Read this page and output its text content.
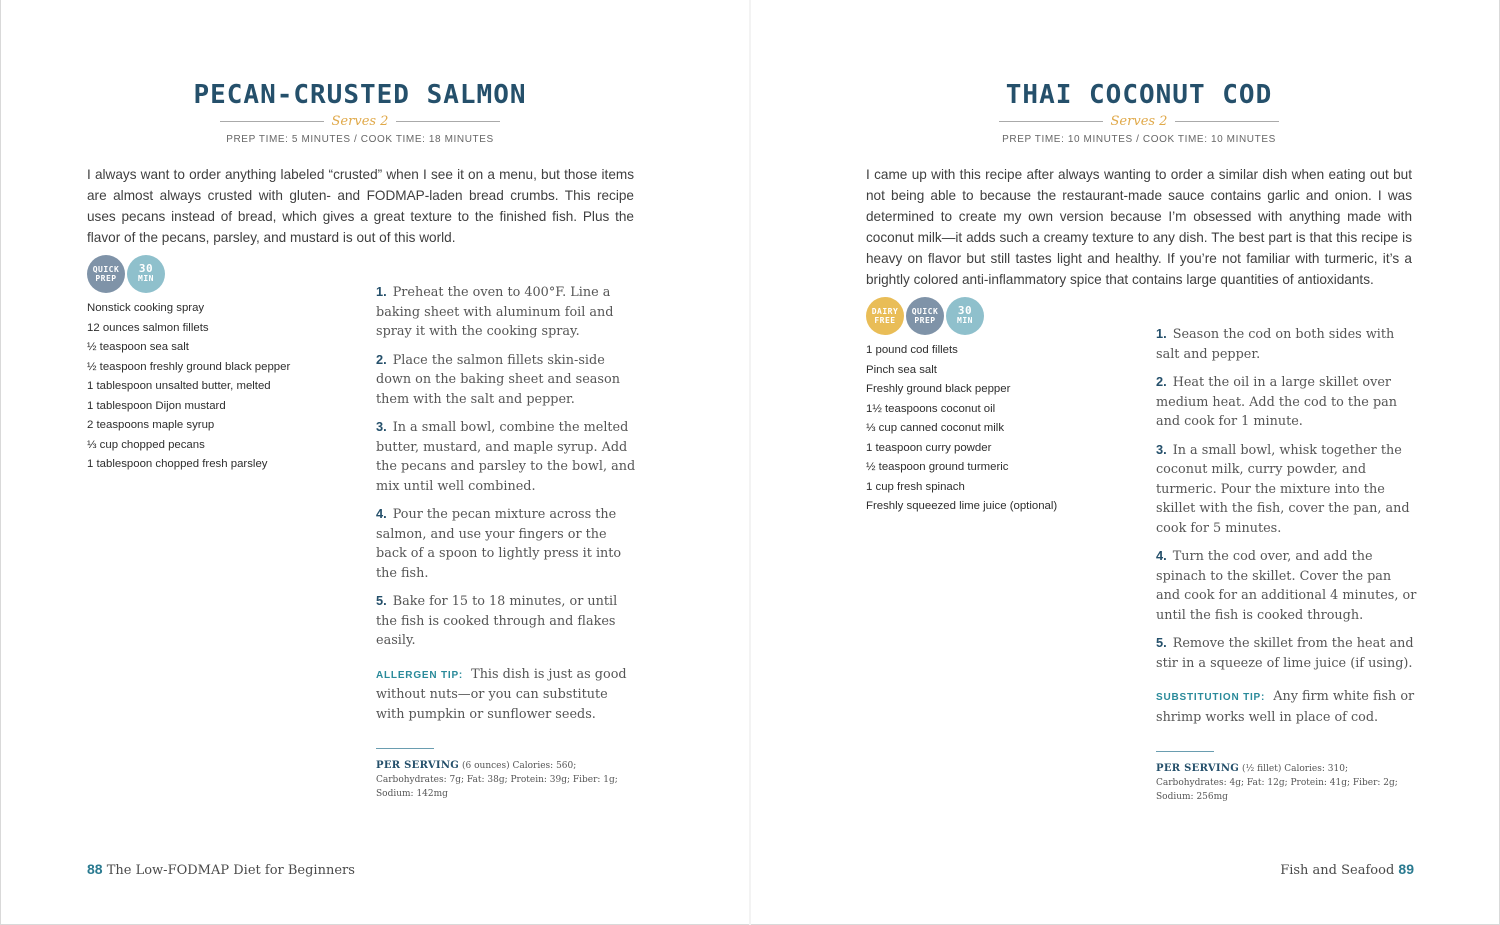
PECAN-CRUSTED SALMON
Serves 2
PREP TIME: 5 MINUTES / COOK TIME: 18 MINUTES

I always want to order anything labeled “crusted” when I see it on a menu, but those items are almost always crusted with gluten- and FODMAP-laden bread crumbs. This recipe uses pecans instead of bread, which gives a great texture to the finished fish. Plus the flavor of the pecans, parsley, and mustard is out of this world.

QUICK
PREP
30
MIN
Nonstick cooking spray
12 ounces salmon fillets
½ teaspoon sea salt
½ teaspoon freshly ground black pepper
1 tablespoon unsalted butter, melted
1 tablespoon Dijon mustard
2 teaspoons maple syrup
⅓ cup chopped pecans
1 tablespoon chopped fresh parsley
1. Preheat the oven to 400°F. Line a baking sheet with aluminum foil and spray it with the cooking spray.
2. Place the salmon fillets skin-side down on the baking sheet and season them with the salt and pepper.
3. In a small bowl, combine the melted butter, mustard, and maple syrup. Add the pecans and parsley to the bowl, and mix until well combined.
4. Pour the pecan mixture across the salmon, and use your fingers or the back of a spoon to lightly press it into the fish.
5. Bake for 15 to 18 minutes, or until the fish is cooked through and flakes easily.

ALLERGEN TIP: This dish is just as good without nuts—or you can substitute with pumpkin or sunflower seeds.

PER SERVING (6 ounces) Calories: 560; Carbohydrates: 7g; Fat: 38g; Protein: 39g; Fiber: 1g; Sodium: 142mg
88 The Low-FODMAP Diet for Beginners
THAI COCONUT COD
Serves 2
PREP TIME: 10 MINUTES / COOK TIME: 10 MINUTES

I came up with this recipe after always wanting to order a similar dish when eating out but not being able to because the restaurant-made sauce contains garlic and onion. I was determined to create my own version because I’m obsessed with anything made with coconut milk—it adds such a creamy texture to any dish. The best part is that this recipe is heavy on flavor but still tastes light and healthy. If you’re not familiar with turmeric, it’s a brightly colored anti-inflammatory spice that contains large quantities of antioxidants.

DAIRY
FREE
QUICK
PREP
30
MIN
1 pound cod fillets
Pinch sea salt
Freshly ground black pepper
1½ teaspoons coconut oil
⅓ cup canned coconut milk
1 teaspoon curry powder
½ teaspoon ground turmeric
1 cup fresh spinach
Freshly squeezed lime juice (optional)
1. Season the cod on both sides with salt and pepper.
2. Heat the oil in a large skillet over medium heat. Add the cod to the pan and cook for 1 minute.
3. In a small bowl, whisk together the coconut milk, curry powder, and turmeric. Pour the mixture into the skillet with the fish, cover the pan, and cook for 5 minutes.
4. Turn the cod over, and add the spinach to the skillet. Cover the pan and cook for an additional 4 minutes, or until the fish is cooked through.
5. Remove the skillet from the heat and stir in a squeeze of lime juice (if using).

SUBSTITUTION TIP: Any firm white fish or shrimp works well in place of cod.

PER SERVING (½ fillet) Calories: 310; Carbohydrates: 4g; Fat: 12g; Protein: 41g; Fiber: 2g; Sodium: 256mg
Fish and Seafood 89
